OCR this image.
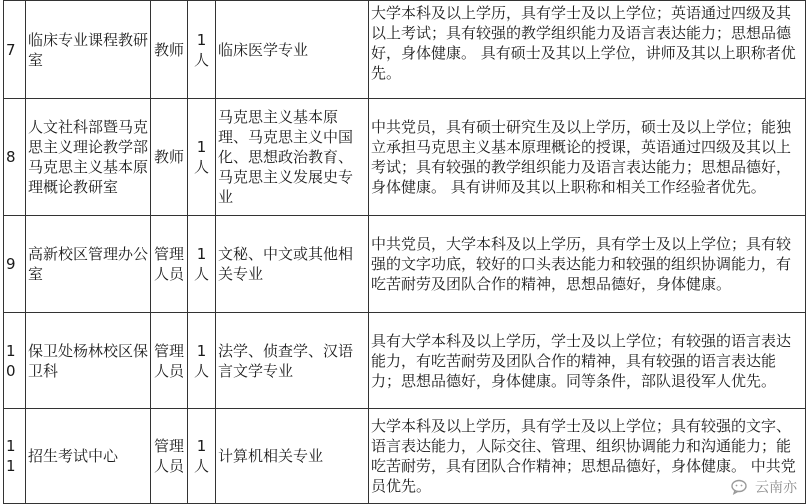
7	临床专业课程教研室	教师	1人	临床医学专业	大学本科及以上学历，具有学士及以上学位；英语通过四级及其以上考试；具有较强的教学组织能力及语言表达能力；思想品德好，身体健康。 具有硕士及其以上学位，讲师及其以上职称者优先。
8	人文社科部暨马克思主义理论教学部马克思主义基本原理概论教研室	教师	1人	马克思主义基本原理、马克思主义中国化、思想政治教育、马克思主义发展史专业	中共党员，具有硕士研究生及以上学历，硕士及以上学位；能独立承担马克思主义基本原理概论的授课，英语通过四级及其以上考试；具有较强的教学组织能力及语言表达能力；思想品德好，身体健康。 具有讲师及其以上职称和相关工作经验者优先。
9	高新校区管理办公室	管理人员	1人	文秘、中文或其他相关专业	中共党员，大学本科及以上学历，具有学士及以上学位；具有较强的文字功底，较好的口头表达能力和较强的组织协调能力，有吃苦耐劳及团队合作的精神，思想品德好，身体健康。
10	保卫处杨林校区保卫科	管理人员	1人	法学、侦查学、汉语言文学专业	具有大学本科及以上学历，学士及以上学位；有较强的语言表达能力，有吃苦耐劳及团队合作的精神，具有较强的语言表达能力；思想品德好，身体健康。同等条件，部队退役军人优先。
11	招生考试中心	管理人员	1人	计算机相关专业	大学本科及以上学历，具有学士及以上学位；具有较强的文字、语言表达能力，人际交往、管理、组织协调能力和沟通能力；能吃苦耐劳，具有团队合作精神；思想品德好，身体健康。 中共党员优先。	云南亦
